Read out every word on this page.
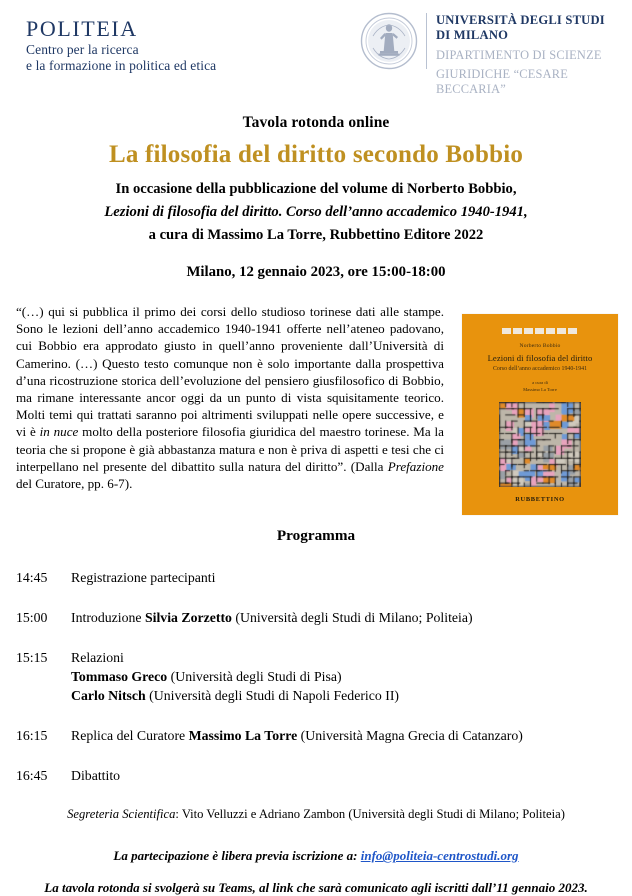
POLITEIA
Centro per la ricerca
e la formazione in politica ed etica
UNIVERSITÀ DEGLI STUDI
DI MILANO
DIPARTIMENTO DI SCIENZE
GIURIDICHE “CESARE BECCARIA”
Tavola rotonda online
La filosofia del diritto secondo Bobbio
In occasione della pubblicazione del volume di Norberto Bobbio,
Lezioni di filosofia del diritto. Corso dell’anno accademico 1940-1941,
a cura di Massimo La Torre, Rubbettino Editore 2022
Milano, 12 gennaio 2023, ore 15:00-18:00
“(…) qui si pubblica il primo dei corsi dello studioso torinese dati alle stampe. Sono le lezioni dell’anno accademico 1940-1941 offerte nell’ateneo padovano, cui Bobbio era approdato giusto in quell’anno proveniente dall’Università di Camerino. (…) Questo testo comunque non è solo importante dalla prospettiva d’una ricostruzione storica dell’evoluzione del pensiero giusfilosofico di Bobbio, ma rimane interessante ancor oggi da un punto di vista squisitamente teorico. Molti temi qui trattati saranno poi altrimenti sviluppati nelle opere successive, e vi è in nuce molto della posteriore filosofia giuridica del maestro torinese. Ma la teoria che si propone è già abbastanza matura e non è priva di aspetti e tesi che ci interpellano nel presente del dibattito sulla natura del diritto”. (Dalla Prefazione del Curatore, pp. 6-7).
Norberto Bobbio
Lezioni di filosofia del diritto
Corso dell’anno accademico 1940-1941
a cura di
Massimo La Torre
RUBBETTINO
Programma
14:45	Registrazione partecipanti
15:00	Introduzione Silvia Zorzetto (Università degli Studi di Milano; Politeia)
15:15	Relazioni
Tommaso Greco (Università degli Studi di Pisa)
Carlo Nitsch (Università degli Studi di Napoli Federico II)
16:15	Replica del Curatore Massimo La Torre (Università Magna Grecia di Catanzaro)
16:45	Dibattito
Segreteria Scientifica: Vito Velluzzi e Adriano Zambon (Università degli Studi di Milano; Politeia)
La partecipazione è libera previa iscrizione a: info@politeia-centrostudi.org
La tavola rotonda si svolgerà su Teams, al link che sarà comunicato agli iscritti dall’11 gennaio 2023.
